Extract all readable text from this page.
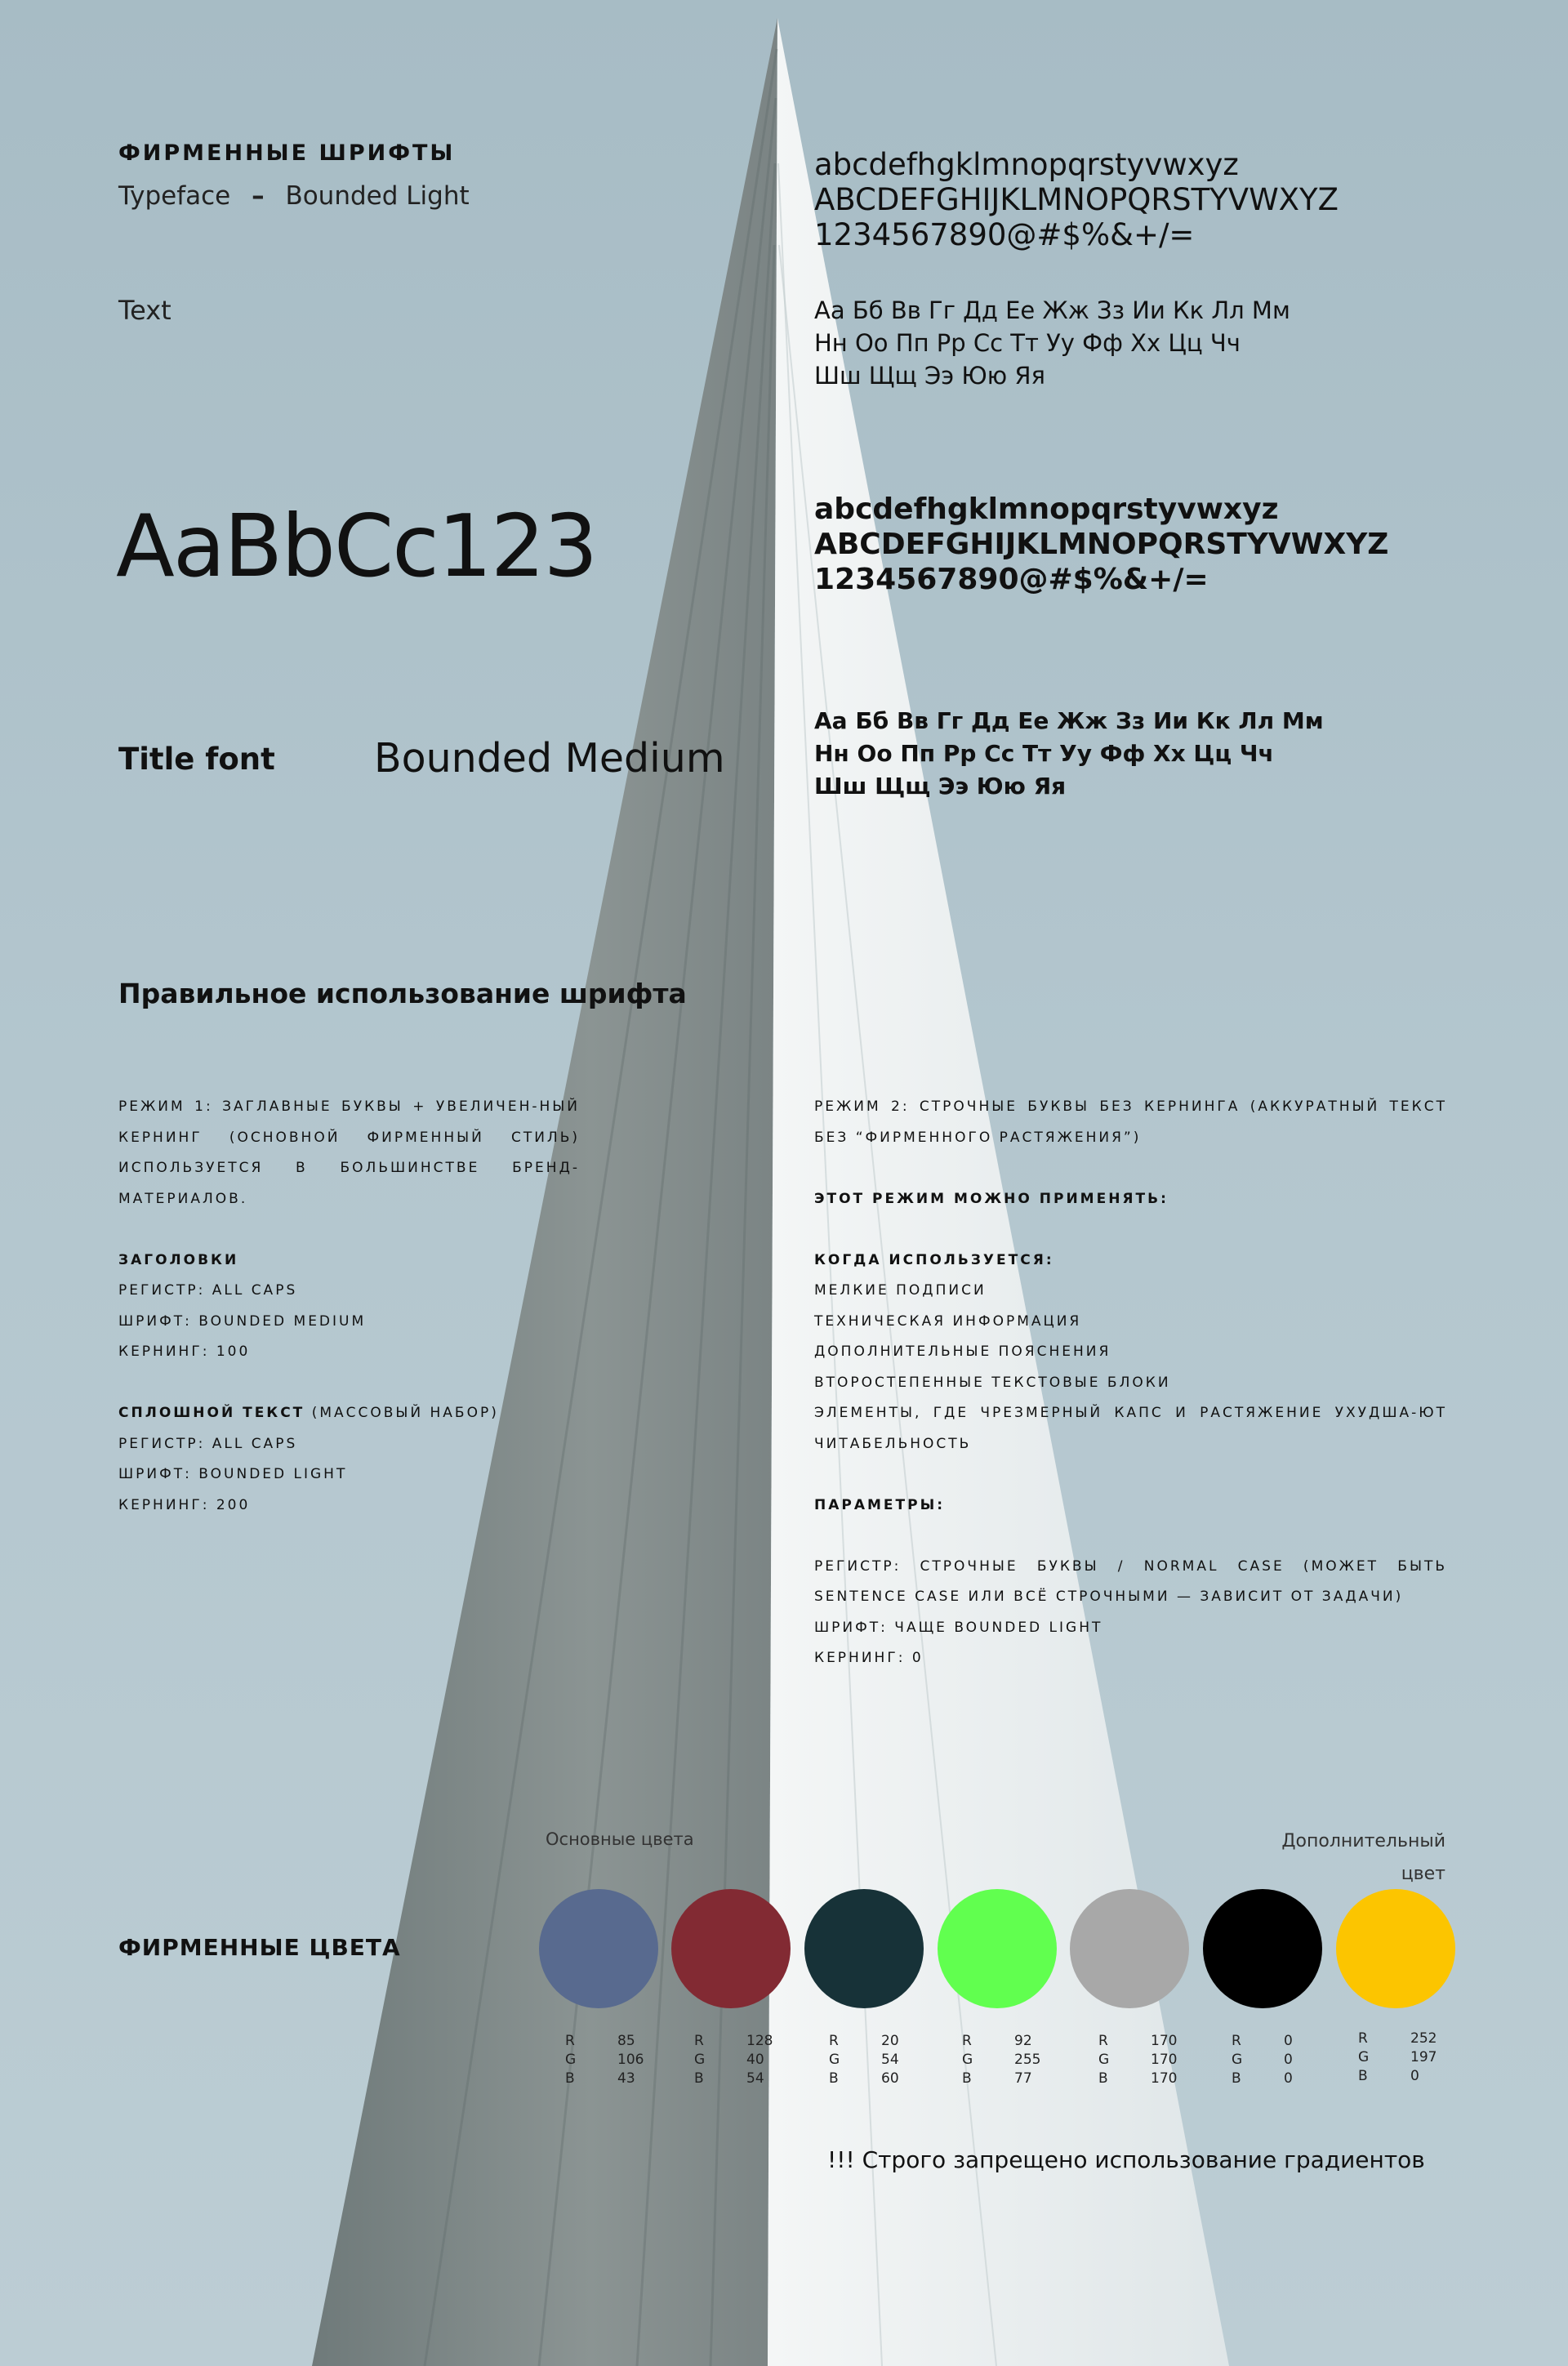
ФИРМЕННЫЕ ШРИФТЫ
Typeface – Bounded Light
Text
AaBbCc123
Title font Bounded Medium
abcdefhgklmnopqrstyvwxyz
ABCDEFGHIJKLMNOPQRSTYVWXYZ
1234567890@#$%&+/=
Аа Бб Вв Гг Дд Ее Жж Зз Ии Кк Лл Мм
Нн Оо Пп Рр Сс Тт Уу Фф Хх Цц Чч
Шш Щщ Ээ Юю Яя
abcdefhgklmnopqrstyvwxyz
ABCDEFGHIJKLMNOPQRSTYVWXYZ
1234567890@#$%&+/=
Аа Бб Вв Гг Дд Ее Жж Зз Ии Кк Лл Мм
Нн Оо Пп Рр Сс Тт Уу Фф Хх Цц Чч
Шш Щщ Ээ Юю Яя
Правильное использование шрифта

РЕЖИМ 1: ЗАГЛАВНЫЕ БУКВЫ + УВЕЛИЧЕН-НЫЙ КЕРНИНГ (ОСНОВНОЙ ФИРМЕННЫЙ СТИЛЬ) ИСПОЛЬЗУЕТСЯ В БОЛЬШИНСТВЕ БРЕНД-МАТЕРИАЛОВ.

ЗАГОЛОВКИ

РЕГИСТР: ALL CAPS

ШРИФТ: BOUNDED MEDIUM

КЕРНИНГ: 100

СПЛОШНОЙ ТЕКСТ (МАССОВЫЙ НАБОР)

РЕГИСТР: ALL CAPS

ШРИФТ: BOUNDED LIGHT

КЕРНИНГ: 200

РЕЖИМ 2: СТРОЧНЫЕ БУКВЫ БЕЗ КЕРНИНГА (АККУРАТНЫЙ ТЕКСТ БЕЗ “ФИРМЕННОГО РАСТЯЖЕНИЯ”)

ЭТОТ РЕЖИМ МОЖНО ПРИМЕНЯТЬ:

КОГДА ИСПОЛЬЗУЕТСЯ:

МЕЛКИЕ ПОДПИСИ

ТЕХНИЧЕСКАЯ ИНФОРМАЦИЯ

ДОПОЛНИТЕЛЬНЫЕ ПОЯСНЕНИЯ

ВТОРОСТЕПЕННЫЕ ТЕКСТОВЫЕ БЛОКИ

ЭЛЕМЕНТЫ, ГДЕ ЧРЕЗМЕРНЫЙ КАПС И РАСТЯЖЕНИЕ УХУДША-ЮТ ЧИТАБЕЛЬНОСТЬ

ПАРАМЕТРЫ:

РЕГИСТР: СТРОЧНЫЕ БУКВЫ / NORMAL CASE (МОЖЕТ БЫТЬ SENTENCE CASE ИЛИ ВСЁ СТРОЧНЫМИ — ЗАВИСИТ ОТ ЗАДАЧИ)

ШРИФТ: ЧАЩЕ BOUNDED LIGHT

КЕРНИНГ: 0

Основные цвета	Дополнительный
цвет
ФИРМЕННЫЕ ЦВЕТА
R	85
G	106
B	43
R	128
G	40
B	54
R	20
G	54
B	60
R	92
G	255
B	77
R	170
G	170
B	170
R	0
G	0
B	0
R	252
G	197
B	0
!!! Строго запрещено использование градиентов
